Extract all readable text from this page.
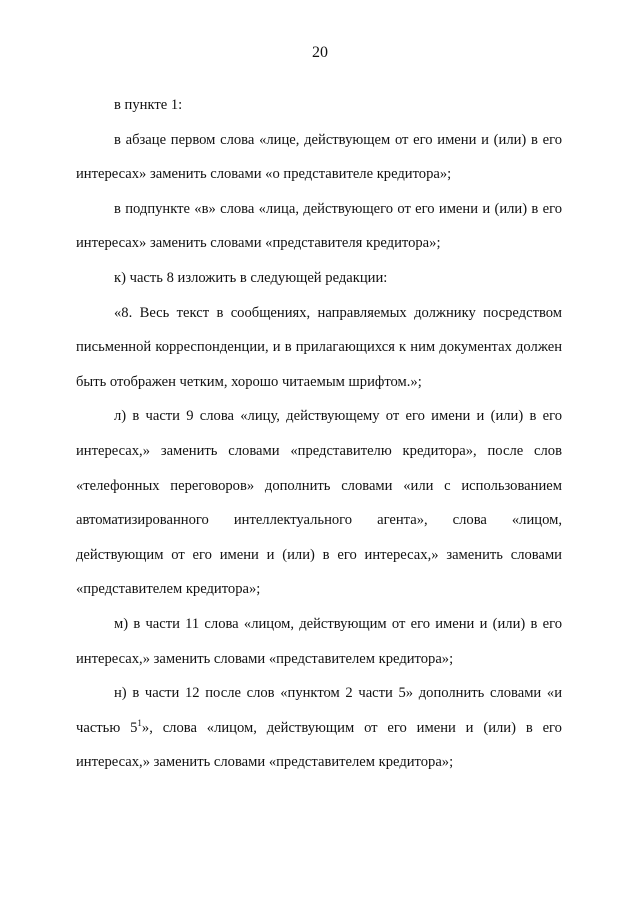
20

в пункте 1:

в абзаце первом слова «лице, действующем от его имени и (или) в его интересах» заменить словами «о представителе кредитора»;

в подпункте «в» слова «лица, действующего от его имени и (или) в его интересах» заменить словами «представителя кредитора»;

к) часть 8 изложить в следующей редакции:

«8. Весь текст в сообщениях, направляемых должнику посредством письменной корреспонденции, и в прилагающихся к ним документах должен быть отображен четким, хорошо читаемым шрифтом.»;

л) в части 9 слова «лицу, действующему от его имени и (или) в его интересах,» заменить словами «представителю кредитора», после слов «телефонных переговоров» дополнить словами «или с использованием автоматизированного интеллектуального агента», слова «лицом, действующим от его имени и (или) в его интересах,» заменить словами «представителем кредитора»;

м) в части 11 слова «лицом, действующим от его имени и (или) в его интересах,» заменить словами «представителем кредитора»;

н) в части 12 после слов «пунктом 2 части 5» дополнить словами «и частью $5^1$», слова «лицом, действующим от его имени и (или) в его интересах,» заменить словами «представителем кредитора»;
